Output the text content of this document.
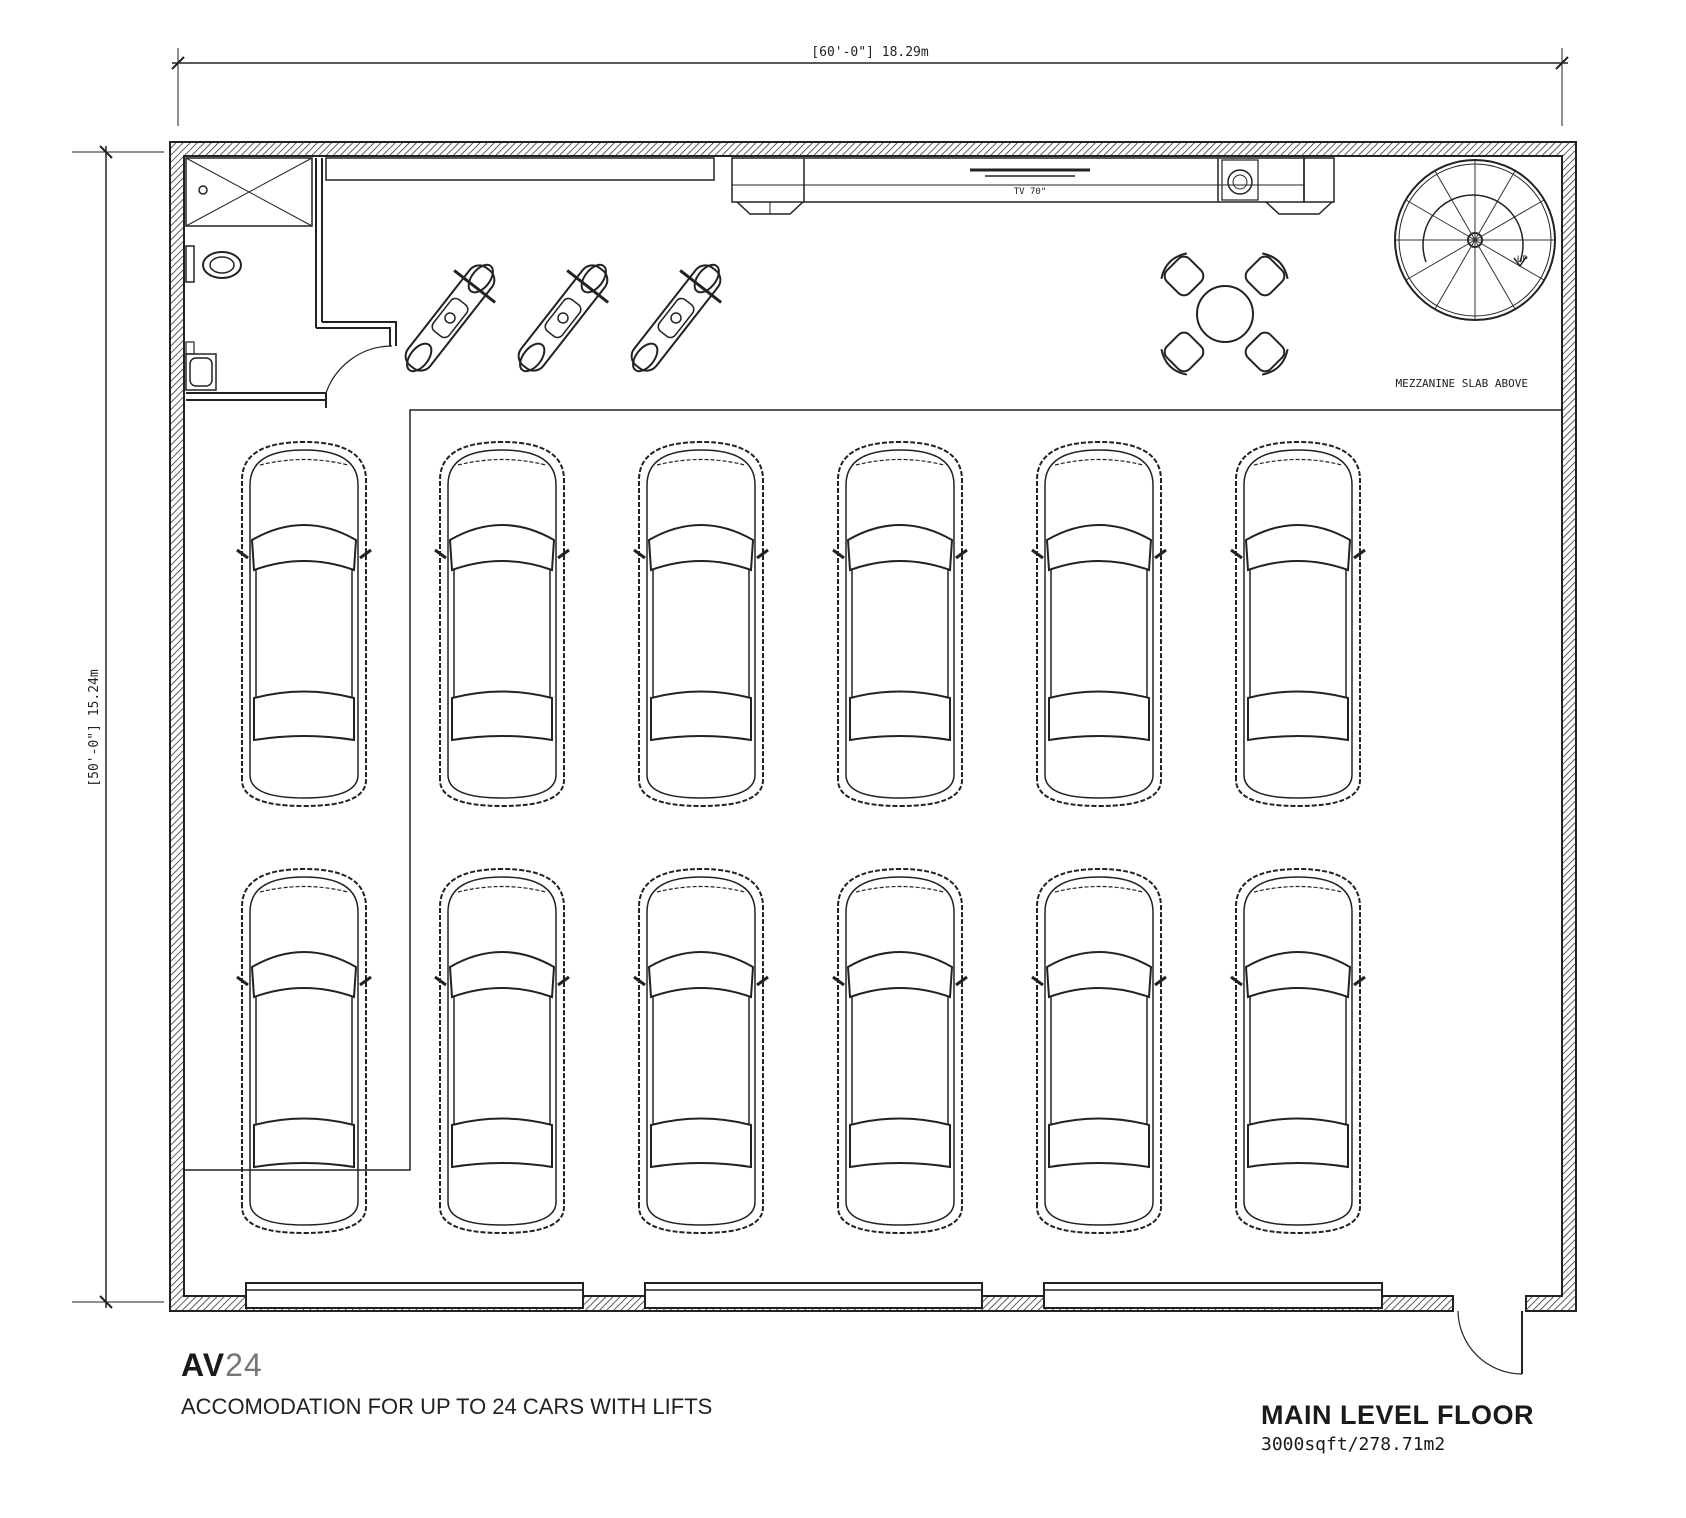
[60'-0"] 18.29m
[50'-0"] 15.24m
TV 70"
UP
MEZZANINE SLAB ABOVE
AV24
ACCOMODATION FOR UP TO 24 CARS WITH LIFTS	MAIN LEVEL FLOOR
3000sqft/278.71m2
